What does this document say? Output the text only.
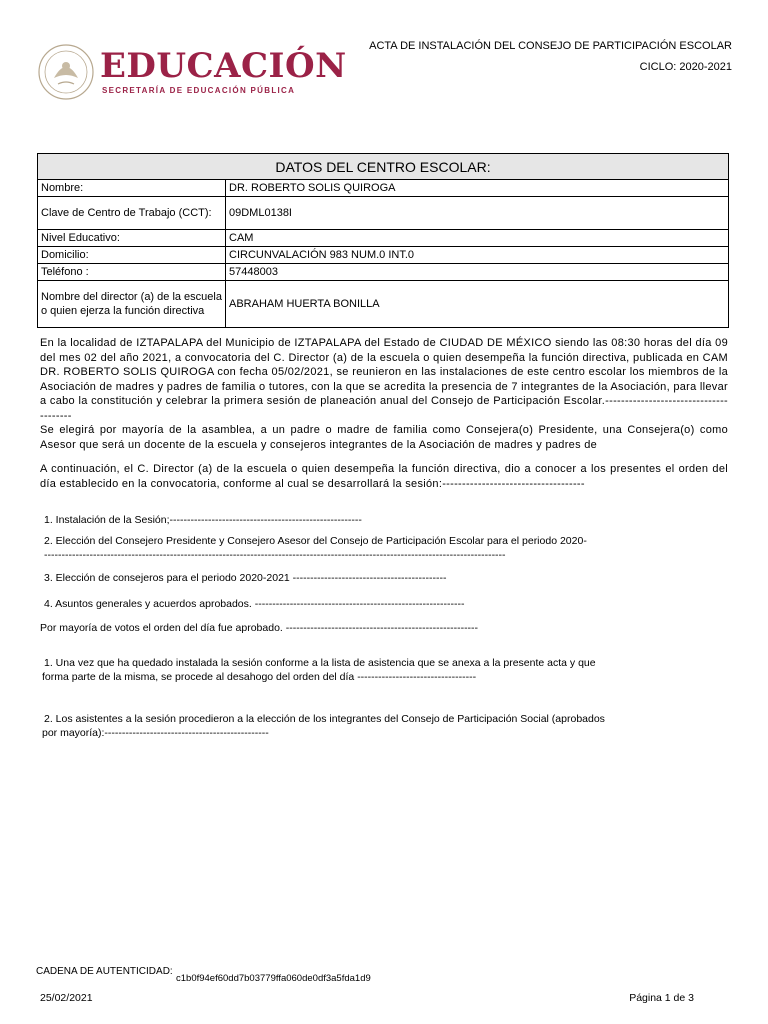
EDUCACIÓN
SECRETARÍA DE EDUCACIÓN PÚBLICA
ACTA DE INSTALACIÓN DEL CONSEJO DE PARTICIPACIÓN ESCOLAR
CICLO: 2020-2021
DATOS DEL CENTRO ESCOLAR:	
Nombre:	DR. ROBERTO SOLIS QUIROGA
Clave de Centro de Trabajo (CCT):	09DML0138I
Nivel Educativo:	CAM
Domicilio:	CIRCUNVALACIÓN 983 NUM.0 INT.0
Teléfono :	57448003
Nombre del director (a) de la escuela o quien ejerza la función directiva	ABRAHAM HUERTA BONILLA
En la localidad de IZTAPALAPA del Municipio de IZTAPALAPA del Estado de CIUDAD DE MÉXICO siendo las 08:30 horas del día 09 del mes 02 del año 2021, a convocatoria del C. Director (a) de la escuela o quien desempeña la función directiva, publicada en CAM DR. ROBERTO SOLIS QUIROGA con fecha 05/02/2021, se reunieron en las instalaciones de este centro escolar los miembros de la Asociación de madres y padres de familia o tutores, con la que se acredita la presencia de 7 integrantes de la Asociación, para llevar a cabo la constitución y celebrar la primera sesión de planeación anual del Consejo de Participación Escolar.---------------------------------------
Se elegirá por mayoría de la asamblea, a un padre o madre de familia como Consejera(o) Presidente, una Consejera(o) como Asesor que será un docente de la escuela y consejeros integrantes de la Asociación de madres y padres de
A continuación, el C. Director (a) de la escuela o quien desempeña la función directiva, dio a conocer a los presentes el orden del día establecido en la convocatoria, conforme al cual se desarrollará la sesión:------------------------------------
1. Instalación de la Sesión;-------------------------------------------------------
2. Elección del Consejero Presidente y Consejero Asesor del Consejo de Participación Escolar para el periodo 2020-
------------------------------------------------------------------------------------------------------------------------------------
3. Elección de consejeros para el periodo 2020-2021 --------------------------------------------
4. Asuntos generales y acuerdos aprobados. ------------------------------------------------------------
Por mayoría de votos el orden del día fue aprobado. -------------------------------------------------------
1. Una vez que ha quedado instalada la sesión conforme a la lista de asistencia que se anexa a la presente acta y que
forma parte de la misma, se procede al desahogo del orden del día ----------------------------------
2. Los asistentes a la sesión procedieron a la elección de los integrantes del Consejo de Participación Social (aprobados
por mayoría):-----------------------------------------------
CADENA DE AUTENTICIDAD:
c1b0f94ef60dd7b03779ffa060de0df3a5fda1d9
25/02/2021	Página 1 de 3
